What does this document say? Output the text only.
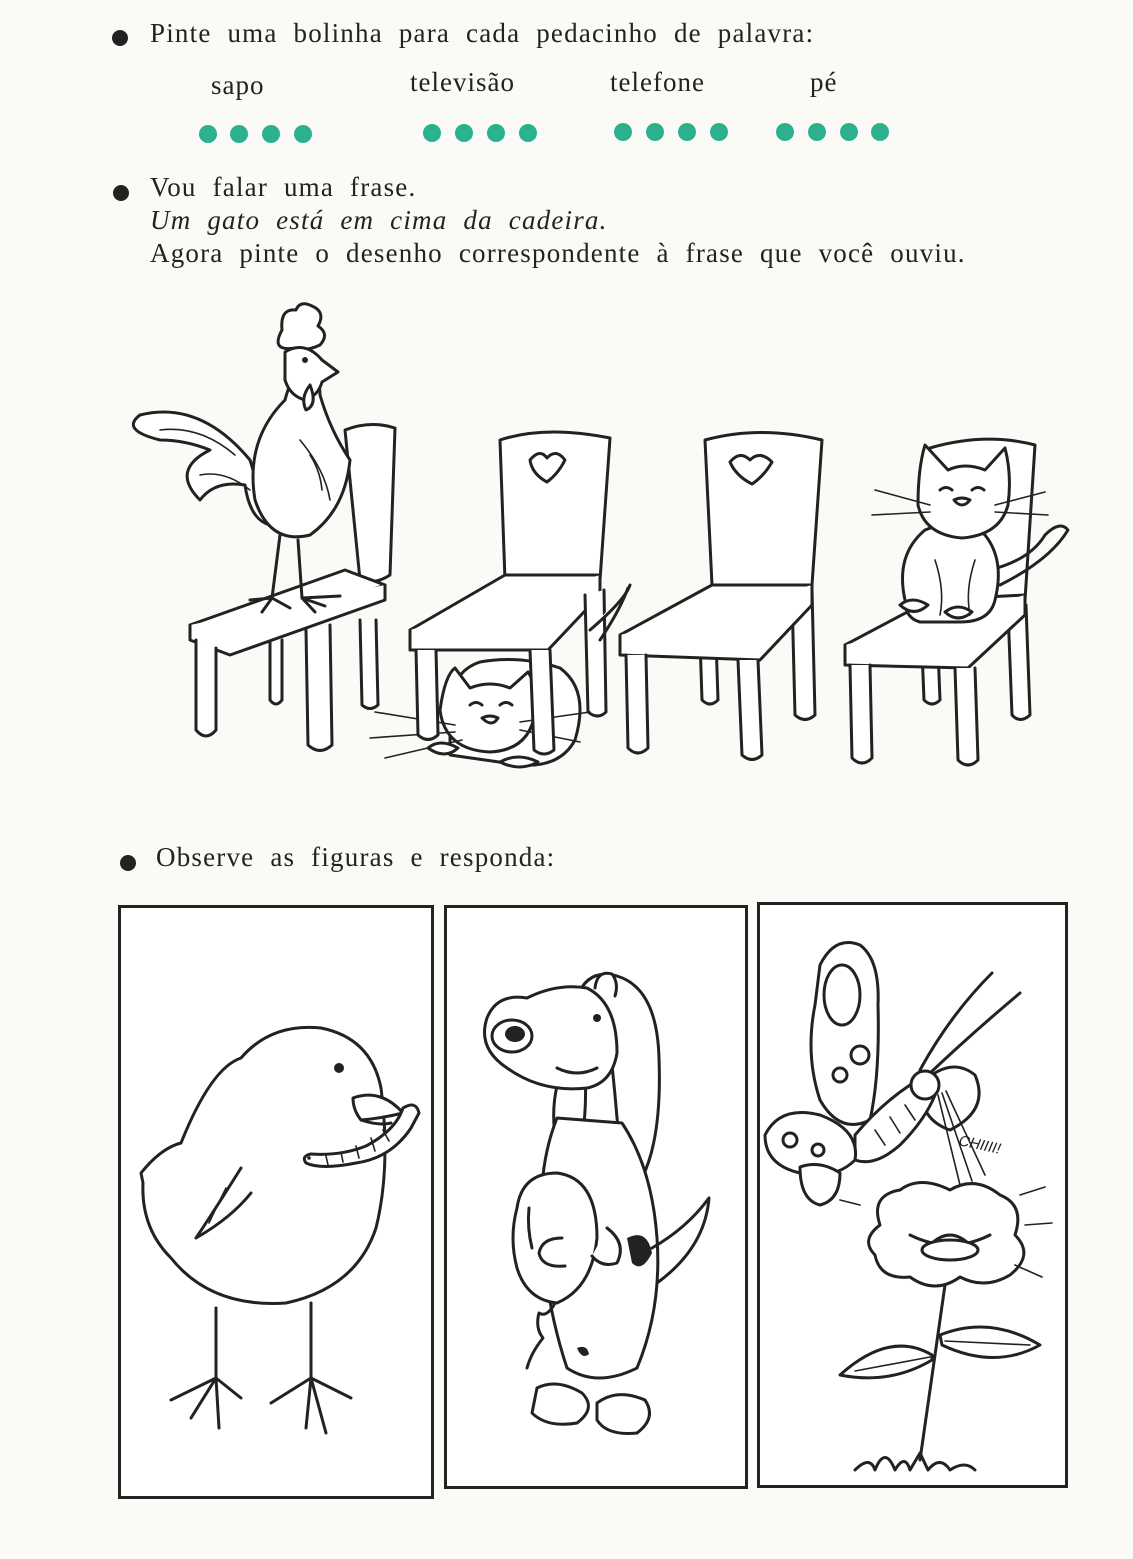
Pinte uma bolinha para cada pedacinho de palavra:
sapo	televisão	telefone	pé
Vou falar uma frase.
Um gato está em cima da cadeira.
Agora pinte o desenho correspondente à frase que você ouviu.
Observe as figuras e responda:
CHIIII!
